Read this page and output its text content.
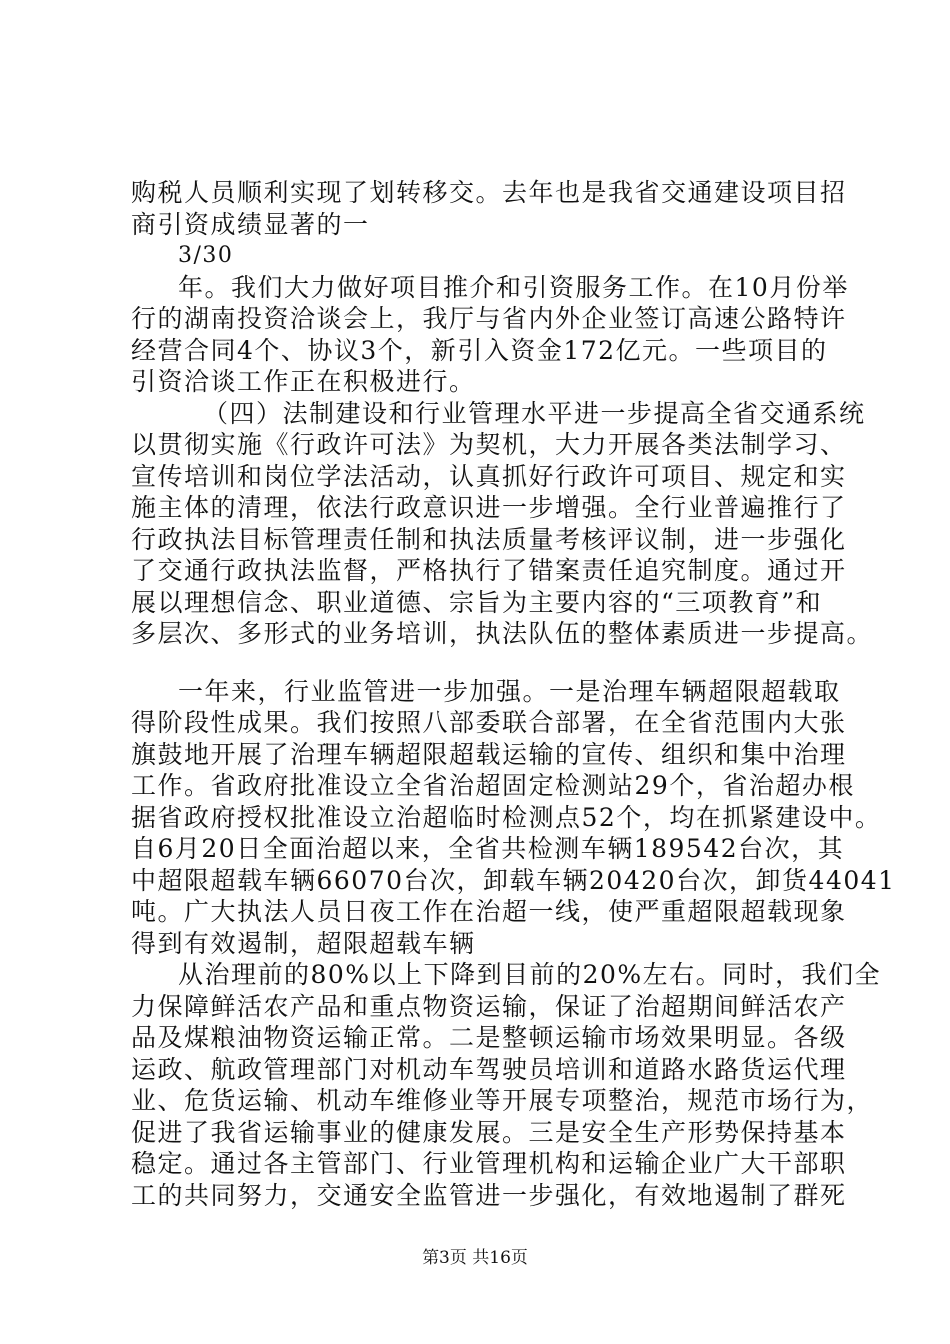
购税人员顺利实现了划转移交。去年也是我省交通建设项目招
商引资成绩显著的一
3/30
年。我们大力做好项目推介和引资服务工作。在10月份举
行的湖南投资洽谈会上，我厅与省内外企业签订高速公路特许
经营合同4个、协议3个，新引入资金172亿元。一些项目的
引资洽谈工作正在积极进行。
（四）法制建设和行业管理水平进一步提高全省交通系统
以贯彻实施《行政许可法》为契机，大力开展各类法制学习、
宣传培训和岗位学法活动，认真抓好行政许可项目、规定和实
施主体的清理，依法行政意识进一步增强。全行业普遍推行了
行政执法目标管理责任制和执法质量考核评议制，进一步强化
了交通行政执法监督，严格执行了错案责任追究制度。通过开
展以理想信念、职业道德、宗旨为主要内容的“三项教育”和
多层次、多形式的业务培训，执法队伍的整体素质进一步提高。
一年来，行业监管进一步加强。一是治理车辆超限超载取
得阶段性成果。我们按照八部委联合部署，在全省范围内大张
旗鼓地开展了治理车辆超限超载运输的宣传、组织和集中治理
工作。省政府批准设立全省治超固定检测站29个，省治超办根
据省政府授权批准设立治超临时检测点52个，均在抓紧建设中。
自6月20日全面治超以来，全省共检测车辆189542台次，其
中超限超载车辆66070台次，卸载车辆20420台次，卸货44041
吨。广大执法人员日夜工作在治超一线，使严重超限超载现象
得到有效遏制，超限超载车辆
从治理前的80%以上下降到目前的20%左右。同时，我们全
力保障鲜活农产品和重点物资运输，保证了治超期间鲜活农产
品及煤粮油物资运输正常。二是整顿运输市场效果明显。各级
运政、航政管理部门对机动车驾驶员培训和道路水路货运代理
业、危货运输、机动车维修业等开展专项整治，规范市场行为，
促进了我省运输事业的健康发展。三是安全生产形势保持基本
稳定。通过各主管部门、行业管理机构和运输企业广大干部职
工的共同努力，交通安全监管进一步强化，有效地遏制了群死
第3页 共16页
